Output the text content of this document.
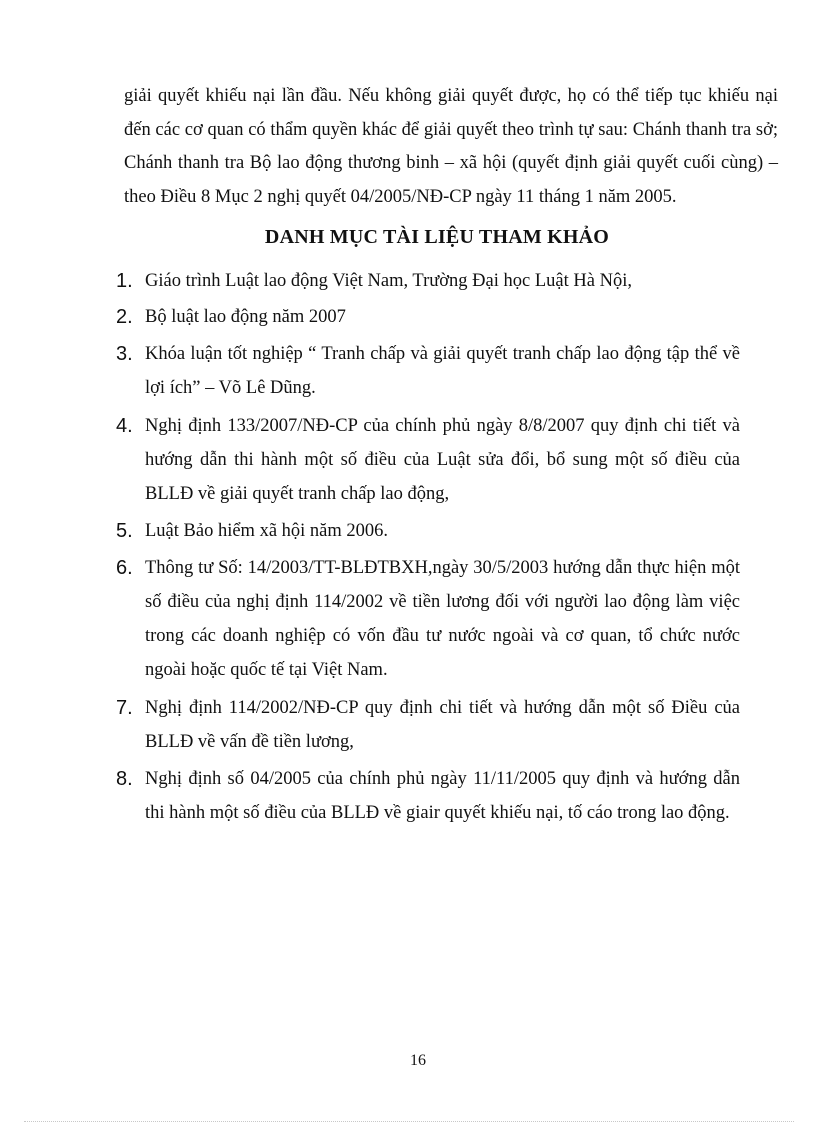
giải quyết khiếu nại lần đầu. Nếu không giải quyết được, họ có thể tiếp tục khiếu nại đến các cơ quan có thẩm quyền khác để giải quyết theo trình tự sau: Chánh thanh tra sở; Chánh thanh tra Bộ lao động thương binh – xã hội (quyết định giải quyết cuối cùng) – theo Điều 8 Mục 2 nghị quyết 04/2005/NĐ-CP ngày 11 tháng 1 năm 2005.

DANH MỤC TÀI LIỆU THAM KHẢO
1. Giáo trình Luật lao động Việt Nam, Trường Đại học Luật Hà Nội,

2. Bộ luật lao động năm 2007

3. Khóa luận tốt nghiệp “ Tranh chấp và giải quyết tranh chấp lao động tập thể về lợi ích” – Võ Lê Dũng.

4. Nghị định 133/2007/NĐ-CP của chính phủ ngày 8/8/2007 quy định chi tiết và hướng dẫn thi hành một số điều của Luật sửa đổi, bổ sung một số điều của BLLĐ về giải quyết tranh chấp lao động,

5. Luật Bảo hiểm xã hội năm 2006.

6. Thông tư Số: 14/2003/TT-BLĐTBXH,ngày 30/5/2003 hướng dẫn thực hiện một số điều của nghị định 114/2002 về tiền lương đối với người lao động làm việc trong các doanh nghiệp có vốn đầu tư nước ngoài và cơ quan, tổ chức nước ngoài hoặc quốc tế tại Việt Nam.

7. Nghị định 114/2002/NĐ-CP quy định chi tiết và hướng dẫn một số Điều của BLLĐ về vấn đề tiền lương,

8. Nghị định số 04/2005 của chính phủ ngày 11/11/2005 quy định và hướng dẫn thi hành một số điều của BLLĐ về giair quyết khiếu nại, tố cáo trong lao động.

16
